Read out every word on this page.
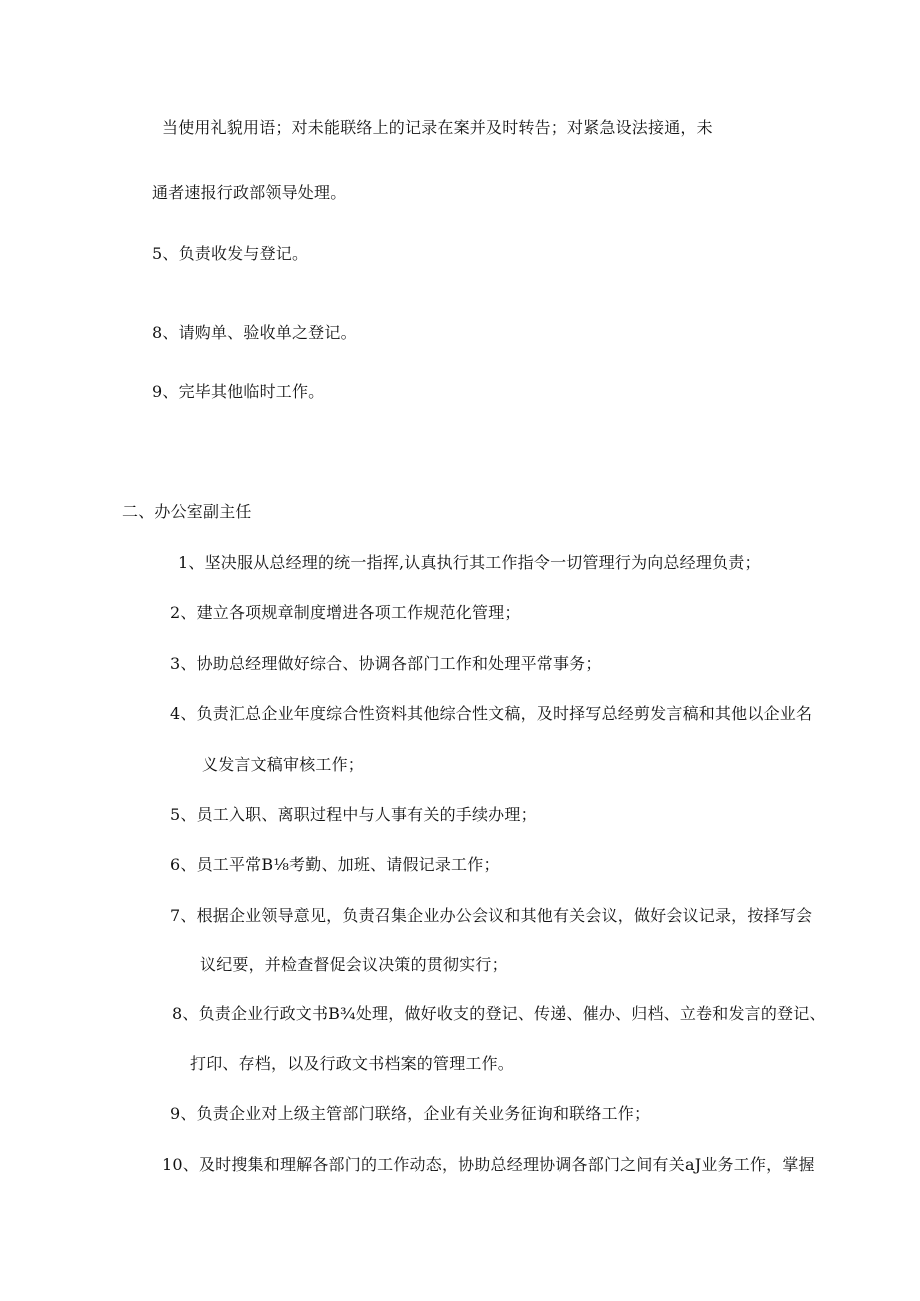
当使用礼貌用语；对未能联络上的记录在案并及时转告；对紧急设法接通，未
通者速报行政部领导处理。
5、负责收发与登记。
8、请购单、验收单之登记。
9、完毕其他临时工作。
二、办公室副主任
1、坚决服从总经理的统一指挥,认真执行其工作指令一切管理行为向总经理负责；
2、建立各项规章制度增进各项工作规范化管理；
3、协助总经理做好综合、协调各部门工作和处理平常事务；
4、负责汇总企业年度综合性资料其他综合性文稿，及时择写总经剪发言稿和其他以企业名
义发言文稿审核工作；
5、员工入职、离职过程中与人事有关的手续办理；
6、员工平常B⅛考勤、加班、请假记录工作；
7、根据企业领导意见，负责召集企业办公会议和其他有关会议，做好会议记录，按择写会
议纪要，并检查督促会议决策的贯彻实行；
8、负责企业行政文书B¾处理，做好收支的登记、传递、催办、归档、立卷和发言的登记、
打印、存档，以及行政文书档案的管理工作。
9、负责企业对上级主管部门联络，企业有关业务征询和联络工作；
10、及时搜集和理解各部门的工作动态，协助总经理协调各部门之间有关aJ业务工作，掌握
